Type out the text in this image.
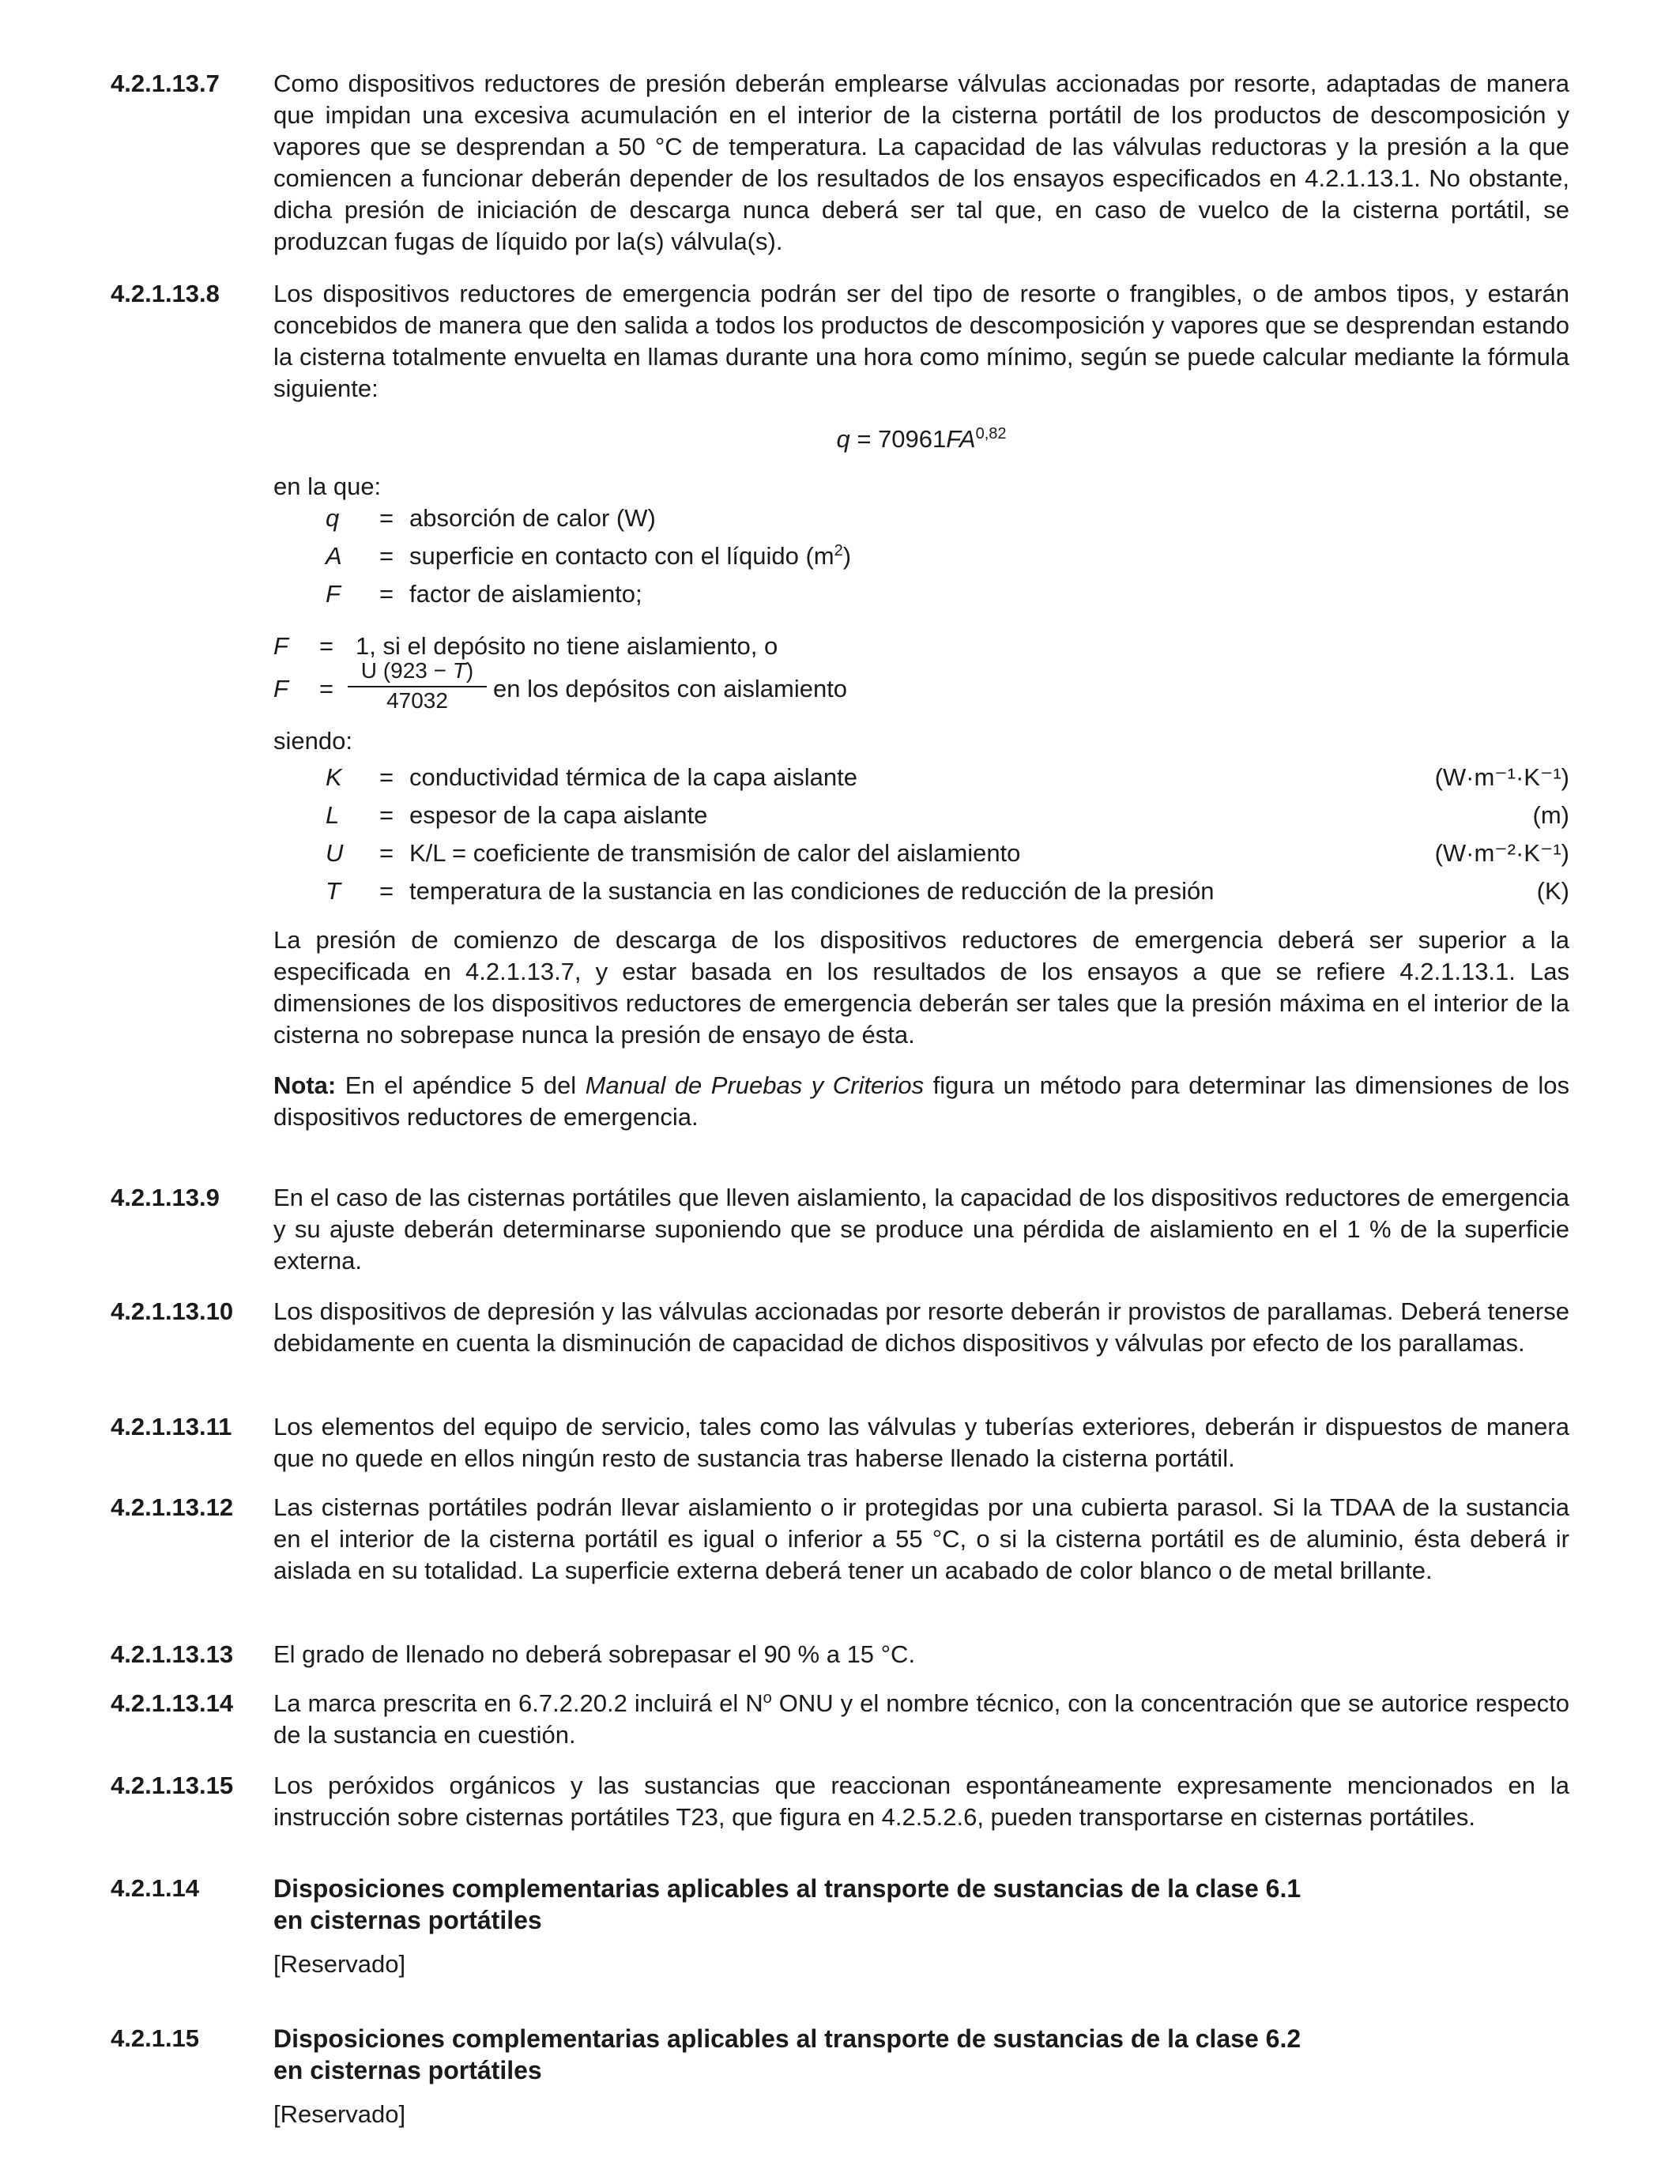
4.2.1.13.7	Como dispositivos reductores de presión deberán emplearse válvulas accionadas por resorte, adaptadas de manera que impidan una excesiva acumulación en el interior de la cisterna portátil de los productos de descomposición y vapores que se desprendan a 50 °C de temperatura. La capacidad de las válvulas reductoras y la presión a la que comiencen a funcionar deberán depender de los resultados de los ensayos especificados en 4.2.1.13.1. No obstante, dicha presión de iniciación de descarga nunca deberá ser tal que, en caso de vuelco de la cisterna portátil, se produzcan fugas de líquido por la(s) válvula(s).

4.2.1.13.8	Los dispositivos reductores de emergencia podrán ser del tipo de resorte o frangibles, o de ambos tipos, y estarán concebidos de manera que den salida a todos los productos de descomposición y vapores que se desprendan estando la cisterna totalmente envuelta en llamas durante una hora como mínimo, según se puede calcular mediante la fórmula siguiente:

q = 70961FA$^{0,82}$

en la que:

q = absorción de calor (W)
A = superficie en contacto con el líquido $(m^2)$
F = factor de aislamiento;
F = 1, si el depósito no tiene aislamiento, o
$F = \frac{U (923 - T)}{47032}$ en los depósitos con aislamiento

siendo:

K = conductividad térmica de la capa aislante	(W·m⁻¹·K⁻¹)
L = espesor de la capa aislante	(m)
U = K/L = coeficiente de transmisión de calor del aislamiento	(W·m⁻²·K⁻¹)
T = temperatura de la sustancia en las condiciones de reducción de la presión	(K)

La presión de comienzo de descarga de los dispositivos reductores de emergencia deberá ser superior a la especificada en 4.2.1.13.7, y estar basada en los resultados de los ensayos a que se refiere 4.2.1.13.1. Las dimensiones de los dispositivos reductores de emergencia deberán ser tales que la presión máxima en el interior de la cisterna no sobrepase nunca la presión de ensayo de ésta.

Nota: En el apéndice 5 del Manual de Pruebas y Criterios figura un método para determinar las dimensiones de los dispositivos reductores de emergencia.

4.2.1.13.9	En el caso de las cisternas portátiles que lleven aislamiento, la capacidad de los dispositivos reductores de emergencia y su ajuste deberán determinarse suponiendo que se produce una pérdida de aislamiento en el 1 % de la superficie externa.

4.2.1.13.10	Los dispositivos de depresión y las válvulas accionadas por resorte deberán ir provistos de parallamas. Deberá tenerse debidamente en cuenta la disminución de capacidad de dichos dispositivos y válvulas por efecto de los parallamas.

4.2.1.13.11	Los elementos del equipo de servicio, tales como las válvulas y tuberías exteriores, deberán ir dispuestos de manera que no quede en ellos ningún resto de sustancia tras haberse llenado la cisterna portátil.

4.2.1.13.12	Las cisternas portátiles podrán llevar aislamiento o ir protegidas por una cubierta parasol. Si la TDAA de la sustancia en el interior de la cisterna portátil es igual o inferior a 55 °C, o si la cisterna portátil es de aluminio, ésta deberá ir aislada en su totalidad. La superficie externa deberá tener un acabado de color blanco o de metal brillante.

4.2.1.13.13	El grado de llenado no deberá sobrepasar el 90 % a 15 °C.

4.2.1.13.14	La marca prescrita en 6.7.2.20.2 incluirá el $N^o$ ONU y el nombre técnico, con la concentración que se autorice respecto de la sustancia en cuestión.

4.2.1.13.15	Los peróxidos orgánicos y las sustancias que reaccionan espontáneamente expresamente mencionados en la instrucción sobre cisternas portátiles T23, que figura en 4.2.5.2.6, pueden transportarse en cisternas portátiles.

4.2.1.14	Disposiciones complementarias aplicables al transporte de sustancias de la clase 6.1
en cisternas portátiles
[Reservado]
4.2.1.15	Disposiciones complementarias aplicables al transporte de sustancias de la clase 6.2
en cisternas portátiles
[Reservado]
